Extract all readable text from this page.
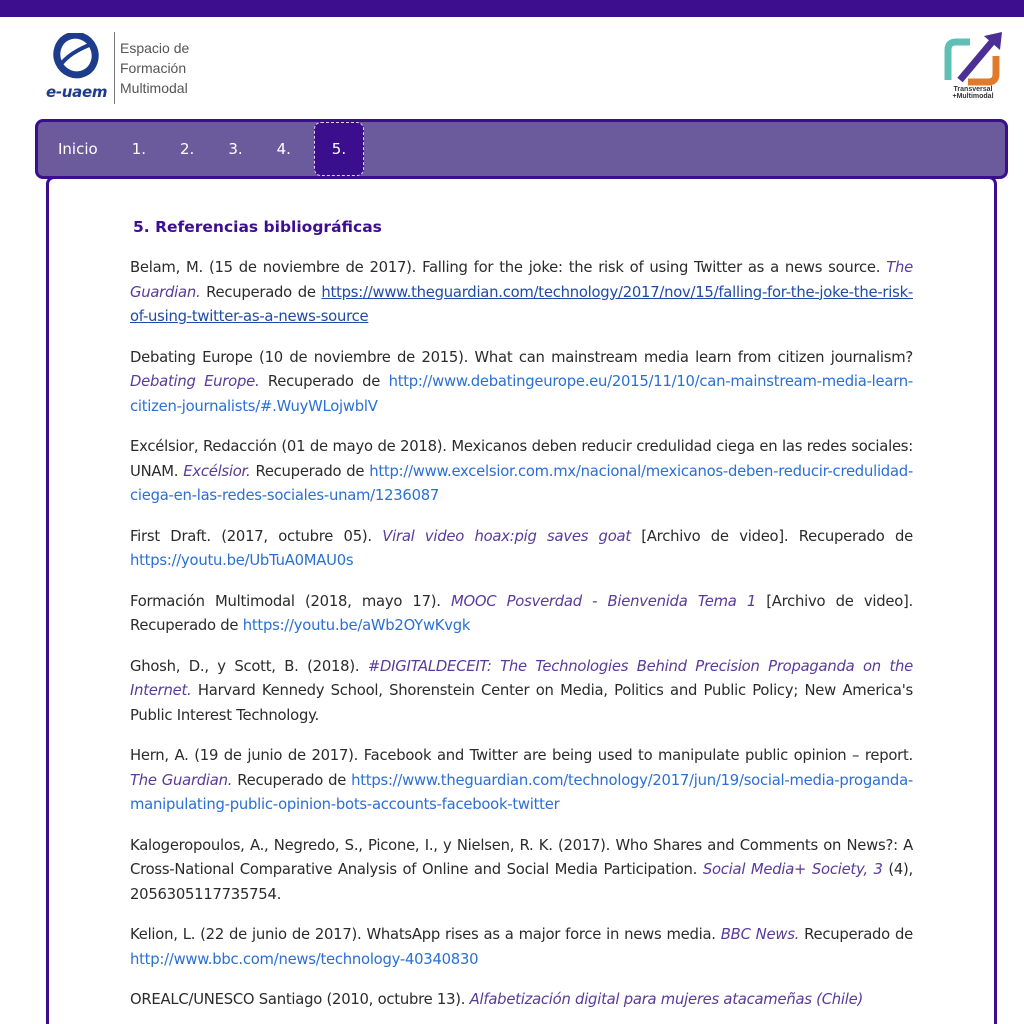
e-uaem
Espacio de
Formación
Multimodal	Transversal
+Multimodal
Inicio	1.	2.	3.	4.	5.
5. Referencias bibliográficas

Belam, M. (15 de noviembre de 2017). Falling for the joke: the risk of using Twitter as a news source. The Guardian. Recuperado de https://www.theguardian.com/technology/2017/nov/15/falling-for-the-joke-the-risk-of-using-twitter-as-a-news-source

Debating Europe (10 de noviembre de 2015). What can mainstream media learn from citizen journalism? Debating Europe. Recuperado de http://www.debatingeurope.eu/2015/11/10/can-mainstream-media-learn-citizen-journalists/#.WuyWLojwblV

Excélsior, Redacción (01 de mayo de 2018). Mexicanos deben reducir credulidad ciega en las redes sociales: UNAM. Excélsior. Recuperado de http://www.excelsior.com.mx/nacional/mexicanos-deben-reducir-credulidad-ciega-en-las-redes-sociales-unam/1236087

First Draft. (2017, octubre 05). Viral video hoax:pig saves goat [Archivo de video]. Recuperado de https://youtu.be/UbTuA0MAU0s

Formación Multimodal (2018, mayo 17). MOOC Posverdad - Bienvenida Tema 1 [Archivo de video]. Recuperado de https://youtu.be/aWb2OYwKvgk

Ghosh, D., y Scott, B. (2018). #DIGITALDECEIT: The Technologies Behind Precision Propaganda on the Internet. Harvard Kennedy School, Shorenstein Center on Media, Politics and Public Policy; New America's Public Interest Technology.

Hern, A. (19 de junio de 2017). Facebook and Twitter are being used to manipulate public opinion – report. The Guardian. Recuperado de https://www.theguardian.com/technology/2017/jun/19/social-media-proganda-manipulating-public-opinion-bots-accounts-facebook-twitter

Kalogeropoulos, A., Negredo, S., Picone, I., y Nielsen, R. K. (2017). Who Shares and Comments on News?: A Cross-National Comparative Analysis of Online and Social Media Participation. Social Media+ Society, 3 (4), 2056305117735754.

Kelion, L. (22 de junio de 2017). WhatsApp rises as a major force in news media. BBC News. Recuperado de http://www.bbc.com/news/technology-40340830

OREALC/UNESCO Santiago (2010, octubre 13). Alfabetización digital para mujeres atacameñas (Chile)
